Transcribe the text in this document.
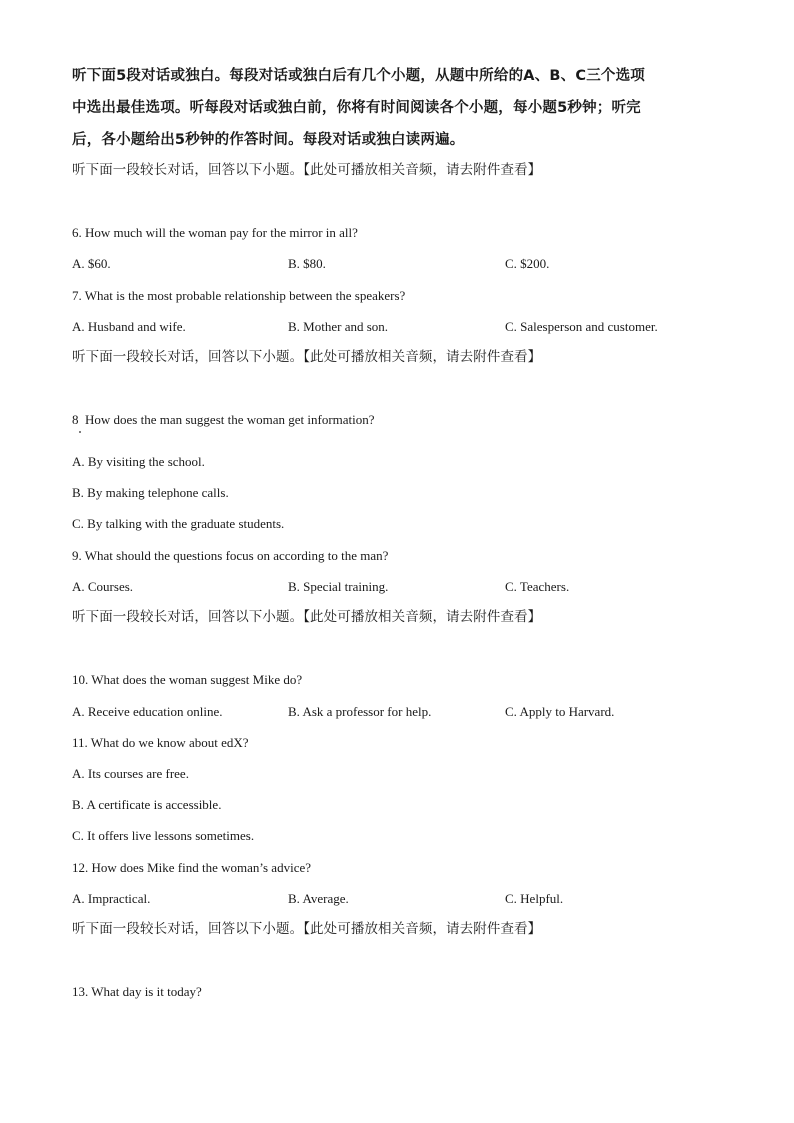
听下面5段对话或独白。每段对话或独白后有几个小题，从题中所给的A、B、C三个选项
中选出最佳选项。听每段对话或独白前，你将有时间阅读各个小题，每小题5秒钟；听完
后，各小题给出5秒钟的作答时间。每段对话或独白读两遍。
听下面一段较长对话，回答以下小题。【此处可播放相关音频，请去附件查看】
6. How much will the woman pay for the mirror in all?
A. $60.	B. $80.	C. $200.
7. What is the most probable relationship between the speakers?
A. Husband and wife.	B. Mother and son.	C. Salesperson and customer.
听下面一段较长对话，回答以下小题。【此处可播放相关音频，请去附件查看】
8 How does the man suggest the woman get information?
A. By visiting the school.
B. By making telephone calls.
C. By talking with the graduate students.
9. What should the questions focus on according to the man?
A. Courses.	B. Special training.	C. Teachers.
听下面一段较长对话，回答以下小题。【此处可播放相关音频，请去附件查看】
10. What does the woman suggest Mike do?
A. Receive education online.	B. Ask a professor for help.	C. Apply to Harvard.
11. What do we know about edX?
A. Its courses are free.
B. A certificate is accessible.
C. It offers live lessons sometimes.
12. How does Mike find the woman’s advice?
A. Impractical.	B. Average.	C. Helpful.
听下面一段较长对话，回答以下小题。【此处可播放相关音频，请去附件查看】
13. What day is it today?
